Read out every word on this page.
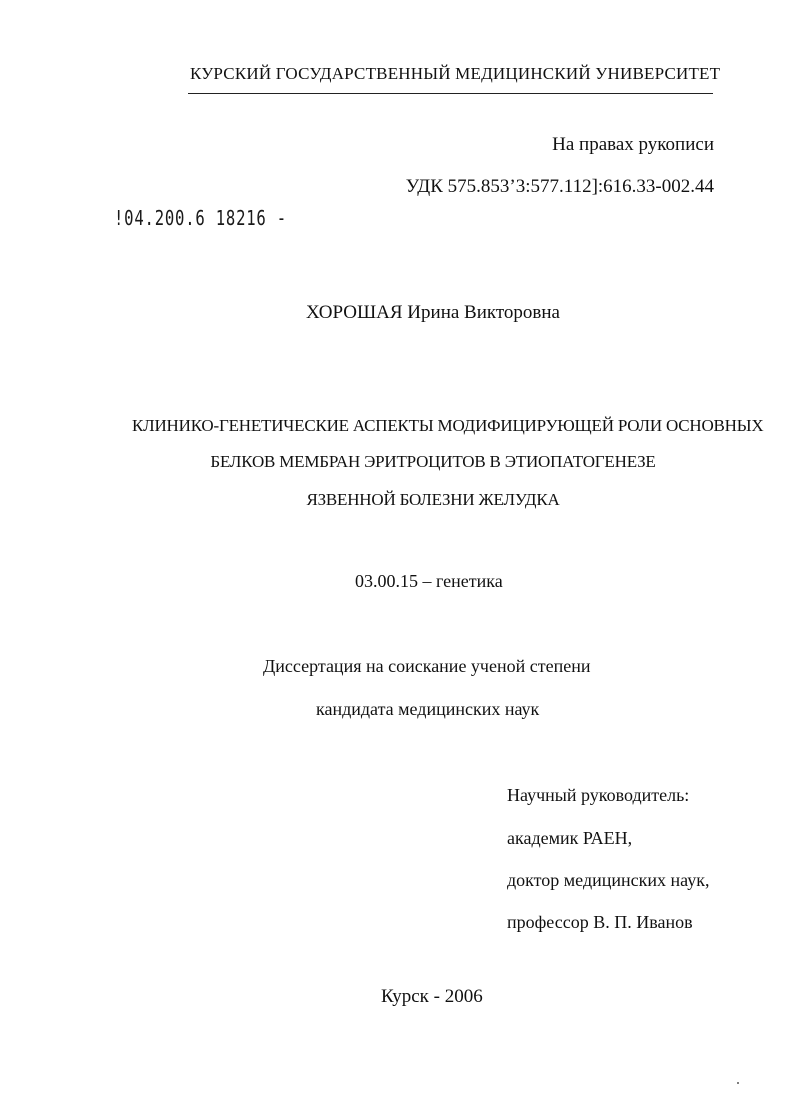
КУРСКИЙ ГОСУДАРСТВЕННЫЙ МЕДИЦИНСКИЙ УНИВЕРСИТЕТ
На правах рукописи
УДК 575.853’3:577.112]:616.33-002.44
!04.200.6 18216 -
ХОРОШАЯ Ирина Викторовна
КЛИНИКО-ГЕНЕТИЧЕСКИЕ АСПЕКТЫ МОДИФИЦИРУЮЩЕЙ РОЛИ ОСНОВНЫХ
БЕЛКОВ МЕМБРАН ЭРИТРОЦИТОВ В ЭТИОПАТОГЕНЕЗЕ
ЯЗВЕННОЙ БОЛЕЗНИ ЖЕЛУДКА
03.00.15 – генетика
Диссертация на соискание ученой степени
кандидата медицинских наук
Научный руководитель:
академик РАЕН,
доктор медицинских наук,
профессор В. П. Иванов
Курск - 2006
